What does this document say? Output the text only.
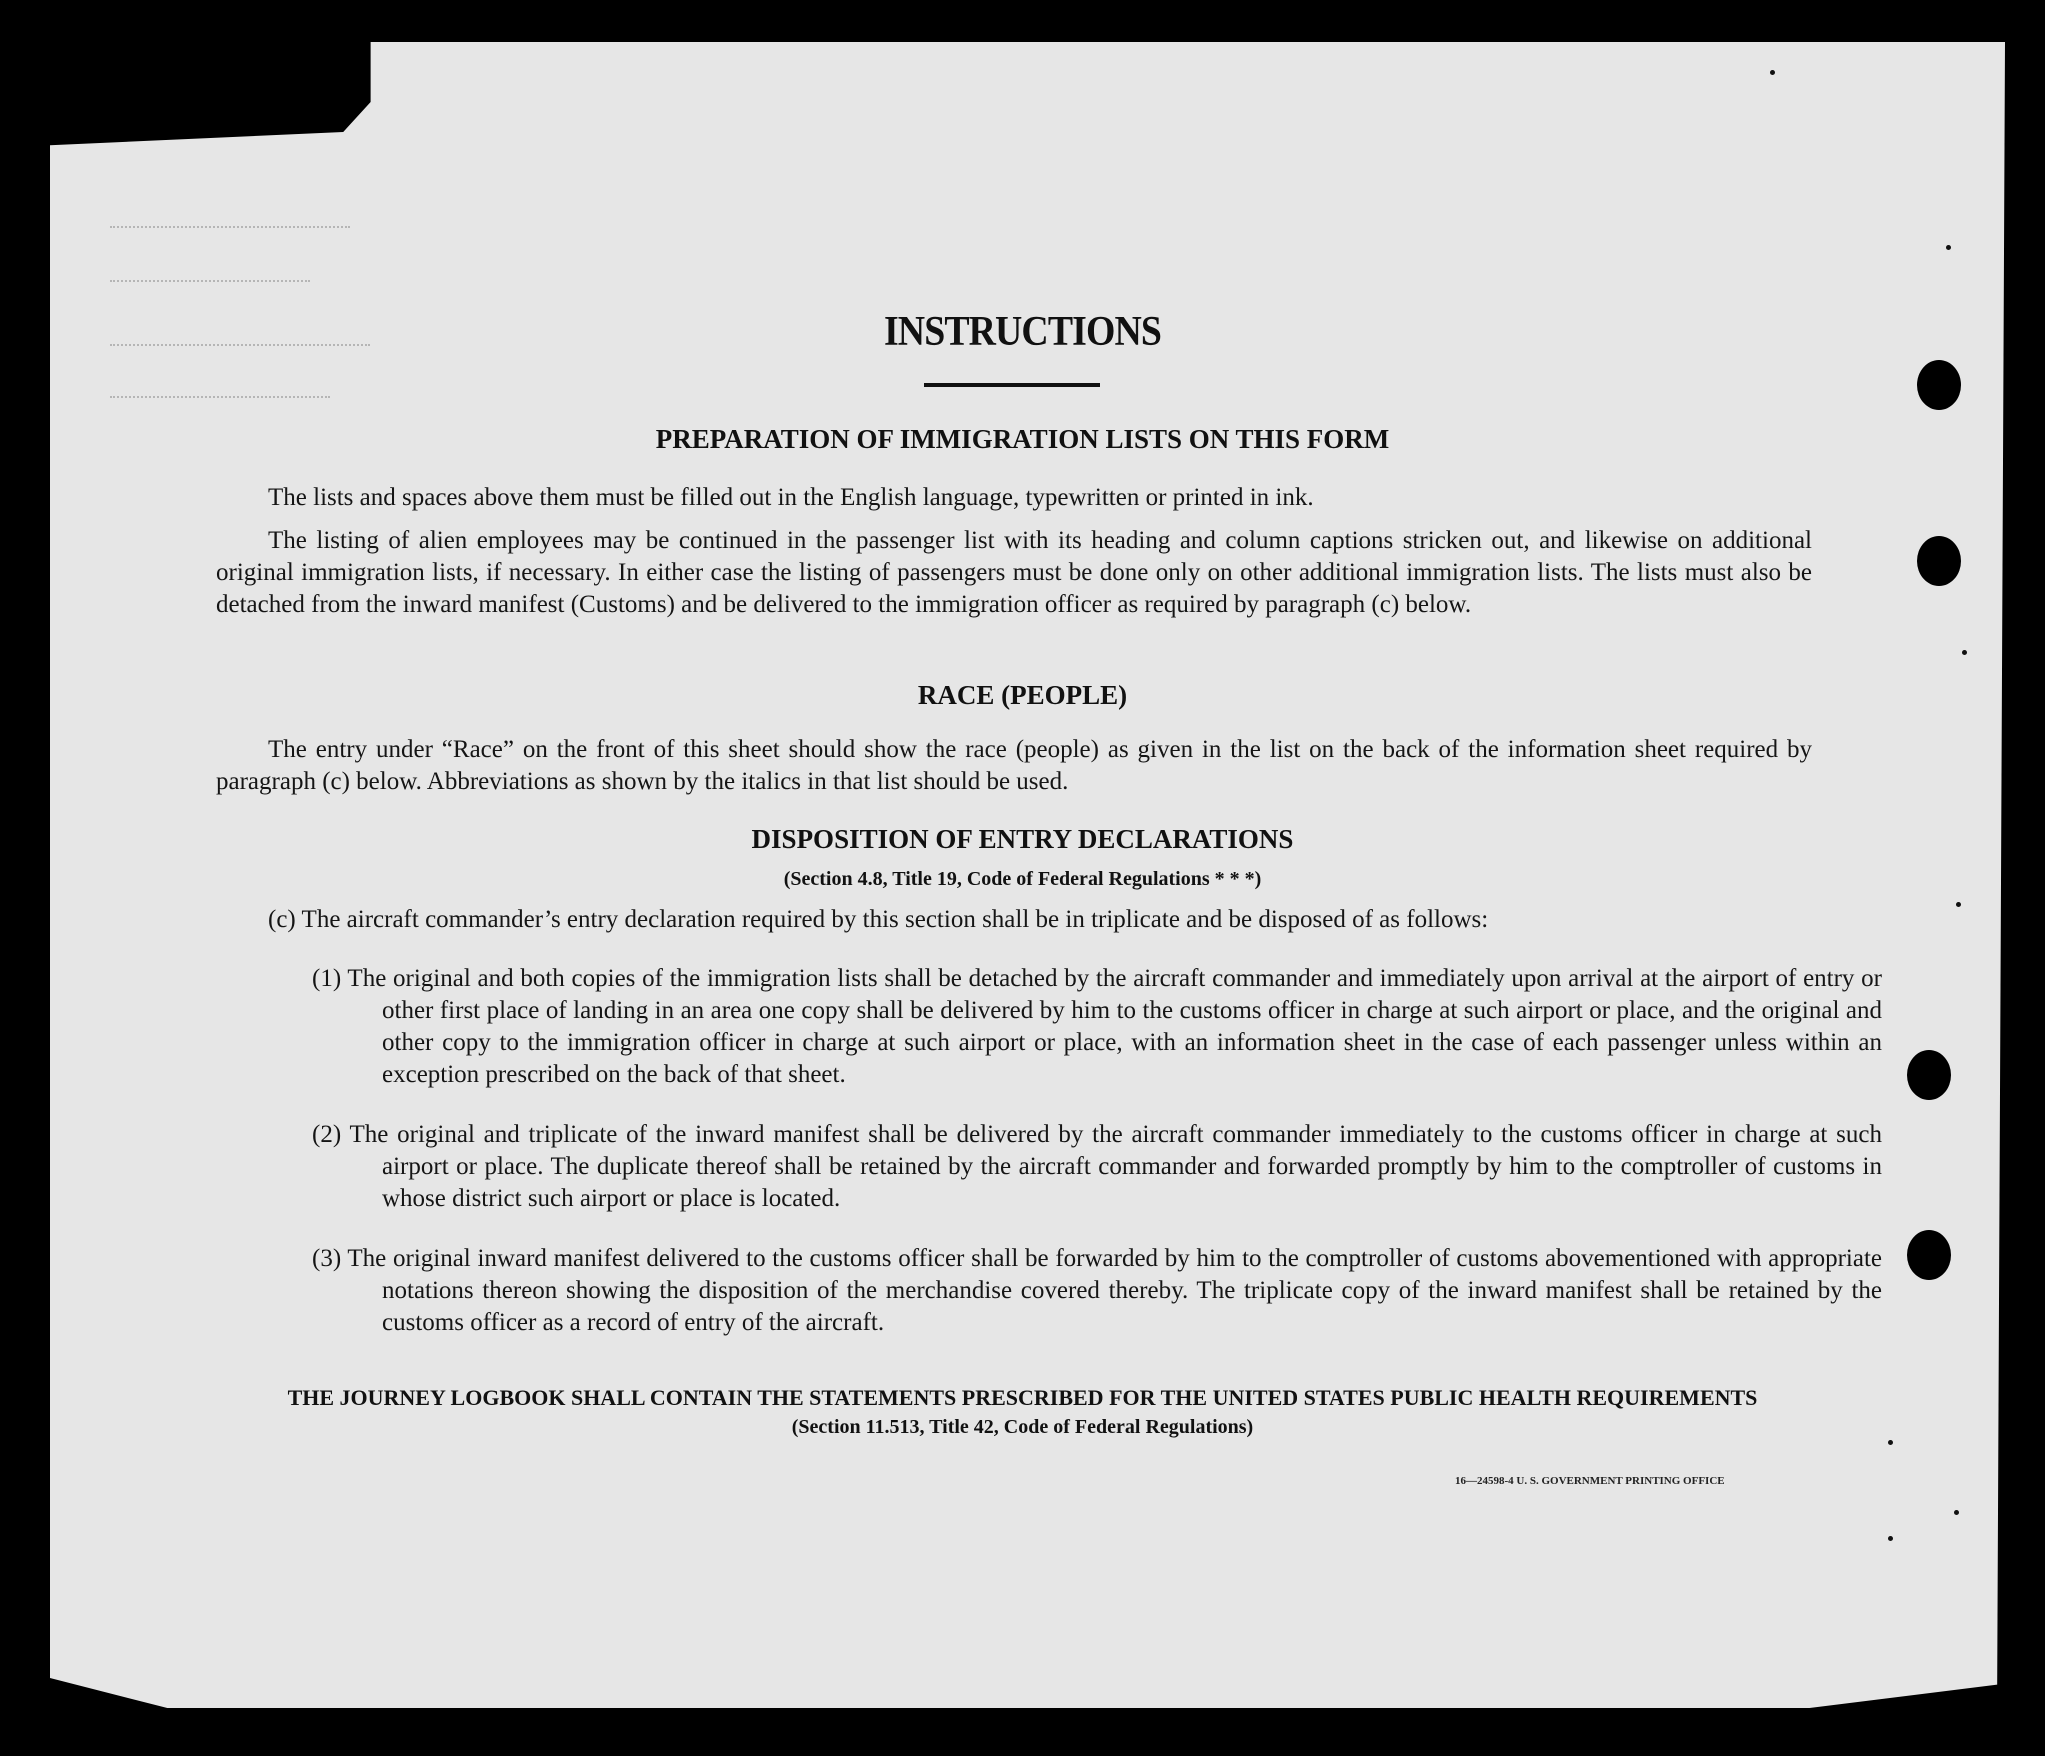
INSTRUCTIONS
PREPARATION OF IMMIGRATION LISTS ON THIS FORM
The lists and spaces above them must be filled out in the English language, typewritten or printed in ink.
The listing of alien employees may be continued in the passenger list with its heading and column captions stricken out, and likewise on additional original immigration lists, if necessary. In either case the listing of passengers must be done only on other additional immigration lists. The lists must also be detached from the inward manifest (Customs) and be delivered to the immigration officer as required by paragraph (c) below.
RACE (PEOPLE)
The entry under “Race” on the front of this sheet should show the race (people) as given in the list on the back of the information sheet required by paragraph (c) below. Abbreviations as shown by the italics in that list should be used.
DISPOSITION OF ENTRY DECLARATIONS
(Section 4.8, Title 19, Code of Federal Regulations * * *)
(c) The aircraft commander’s entry declaration required by this section shall be in triplicate and be disposed of as follows:
(1) The original and both copies of the immigration lists shall be detached by the aircraft commander and immediately upon arrival at the airport of entry or other first place of landing in an area one copy shall be delivered by him to the customs officer in charge at such airport or place, and the original and other copy to the immigration officer in charge at such airport or place, with an information sheet in the case of each passenger unless within an exception prescribed on the back of that sheet.
(2) The original and triplicate of the inward manifest shall be delivered by the aircraft commander immediately to the customs officer in charge at such airport or place. The duplicate thereof shall be retained by the aircraft commander and forwarded promptly by him to the comptroller of customs in whose district such airport or place is located.
(3) The original inward manifest delivered to the customs officer shall be forwarded by him to the comptroller of customs abovementioned with appropriate notations thereon showing the disposition of the merchandise covered thereby. The triplicate copy of the inward manifest shall be retained by the customs officer as a record of entry of the aircraft.
THE JOURNEY LOGBOOK SHALL CONTAIN THE STATEMENTS PRESCRIBED FOR THE UNITED STATES PUBLIC HEALTH REQUIREMENTS
(Section 11.513, Title 42, Code of Federal Regulations)
16—24598‑4 U. S. GOVERNMENT PRINTING OFFICE
